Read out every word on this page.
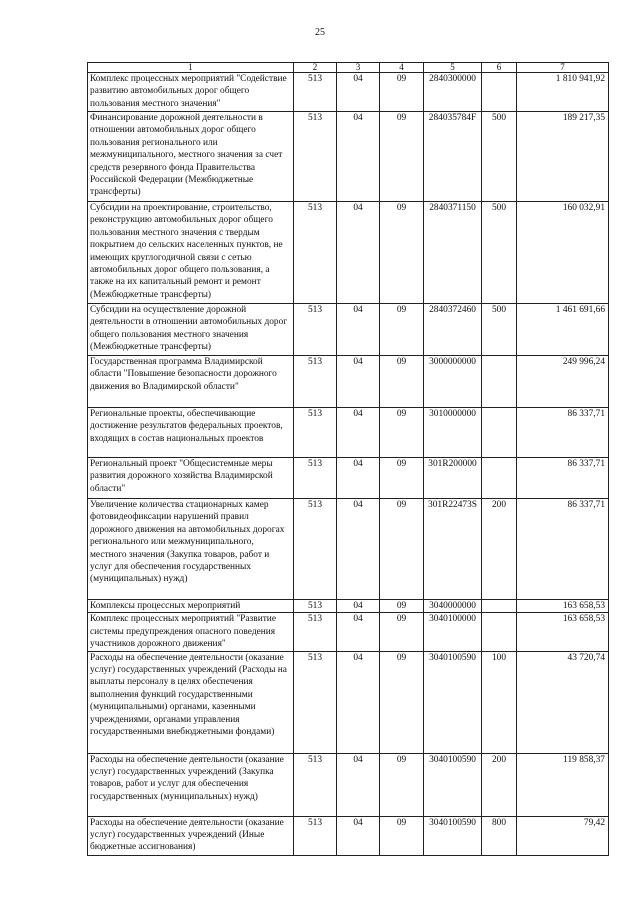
25
1	2	3	4	5	6	7
Комплекс процессных мероприятий "Содействие развитию автомобильных дорог общего пользования местного значения"	513	04	09	2840300000		1 810 941,92
Финансирование дорожной деятельности в отношении автомобильных дорог общего пользования регионального или межмуниципального, местного значения за счет средств резервного фонда Правительства Российской Федерации (Межбюджетные трансферты)	513	04	09	284035784F	500	189 217,35
Субсидии на проектирование, строительство, реконструкцию автомобильных дорог общего пользования местного значения с твердым покрытием до сельских населенных пунктов, не имеющих круглогодичной связи с сетью автомобильных дорог общего пользования, а также на их капитальный ремонт и ремонт (Межбюджетные трансферты)	513	04	09	2840371150	500	160 032,91
Субсидии на осуществление дорожной деятельности в отношении автомобильных дорог общего пользования местного значения (Межбюджетные трансферты)	513	04	09	2840372460	500	1 461 691,66
Государственная программа Владимирской области "Повышение безопасности дорожного движения во Владимирской области"	513	04	09	3000000000		249 996,24
Региональные проекты, обеспечивающие достижение результатов федеральных проектов, входящих в состав национальных проектов	513	04	09	3010000000		86 337,71
Региональный проект "Общесистемные меры развития дорожного хозяйства Владимирской области"	513	04	09	301R200000		86 337,71
Увеличение количества стационарных камер фотовидеофиксации нарушений правил дорожного движения на автомобильных дорогах регионального или межмуниципального, местного значения (Закупка товаров, работ и услуг для обеспечения государственных (муниципальных) нужд)	513	04	09	301R22473S	200	86 337,71
Комплексы процессных мероприятий	513	04	09	3040000000		163 658,53
Комплекс процессных мероприятий "Развитие системы предупреждения опасного поведения участников дорожного движения"	513	04	09	3040100000		163 658,53
Расходы на обеспечение деятельности (оказание услуг) государственных учреждений (Расходы на выплаты персоналу в целях обеспечения выполнения функций государственными (муниципальными) органами, казенными учреждениями, органами управления государственными внебюджетными фондами)	513	04	09	3040100590	100	43 720,74
Расходы на обеспечение деятельности (оказание услуг) государственных учреждений (Закупка товаров, работ и услуг для обеспечения государственных (муниципальных) нужд)	513	04	09	3040100590	200	119 858,37
Расходы на обеспечение деятельности (оказание услуг) государственных учреждений (Иные бюджетные ассигнования)	513	04	09	3040100590	800	79,42
